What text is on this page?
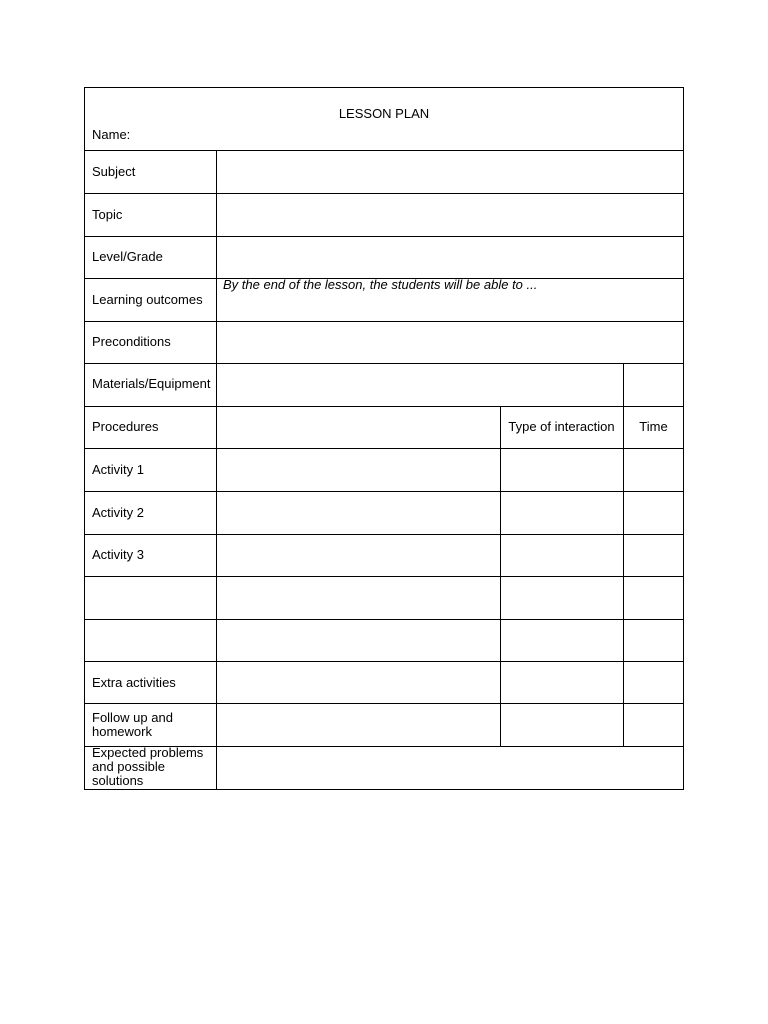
LESSON PLAN
Name:
Subject
Topic
Level/Grade
Learning outcomes
By the end of the lesson, the students will be able to ...
Preconditions
Materials/Equipment
Procedures	Type of interaction	Time
Activity 1
Activity 2
Activity 3
Extra activities
Follow up and homework
Expected problems and possible solutions
